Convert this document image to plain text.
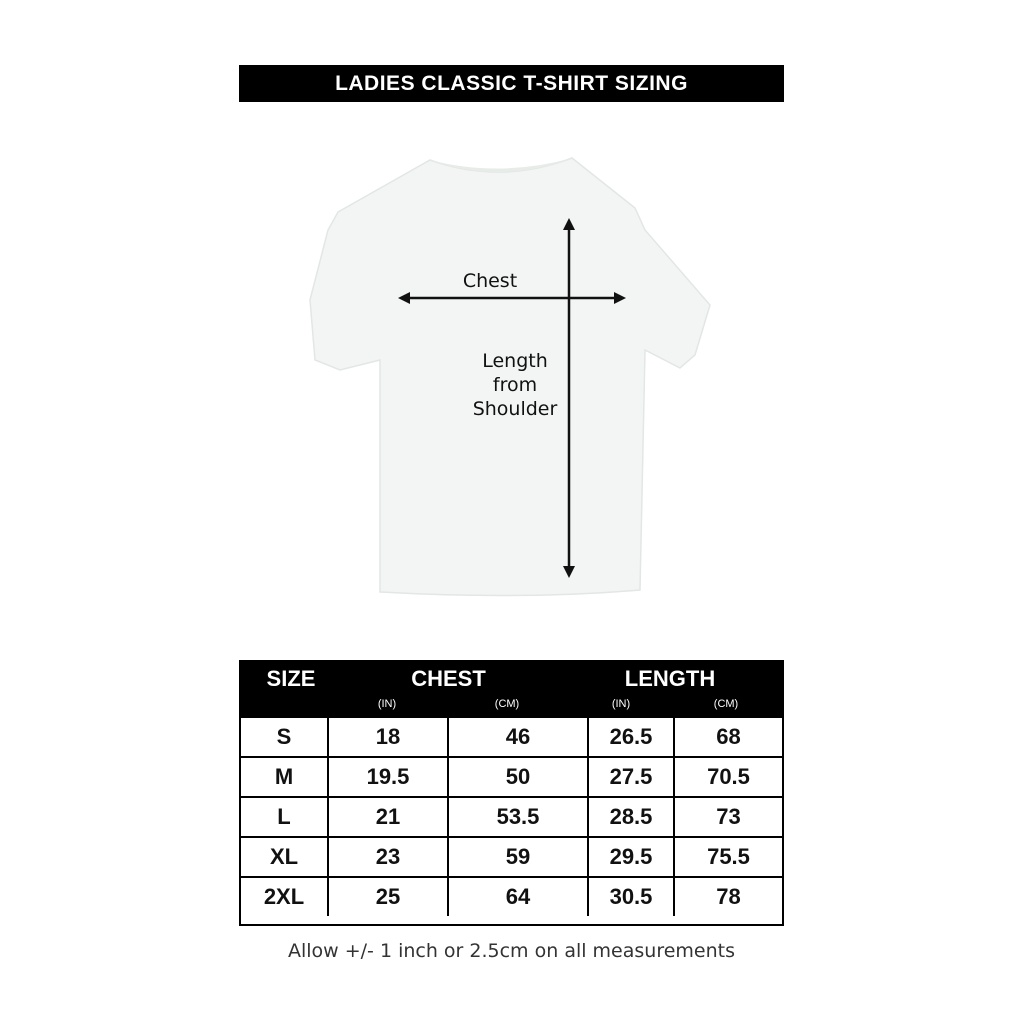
LADIES CLASSIC T-SHIRT SIZING
Chest
Length
from
Shoulder
SIZE	CHEST	LENGTH
(IN)	(CM)	(IN)	(CM)
S	18	46	26.5	68
M	19.5	50	27.5	70.5
L	21	53.5	28.5	73
XL	23	59	29.5	75.5
2XL	25	64	30.5	78
Allow +/- 1 inch or 2.5cm on all measurements
